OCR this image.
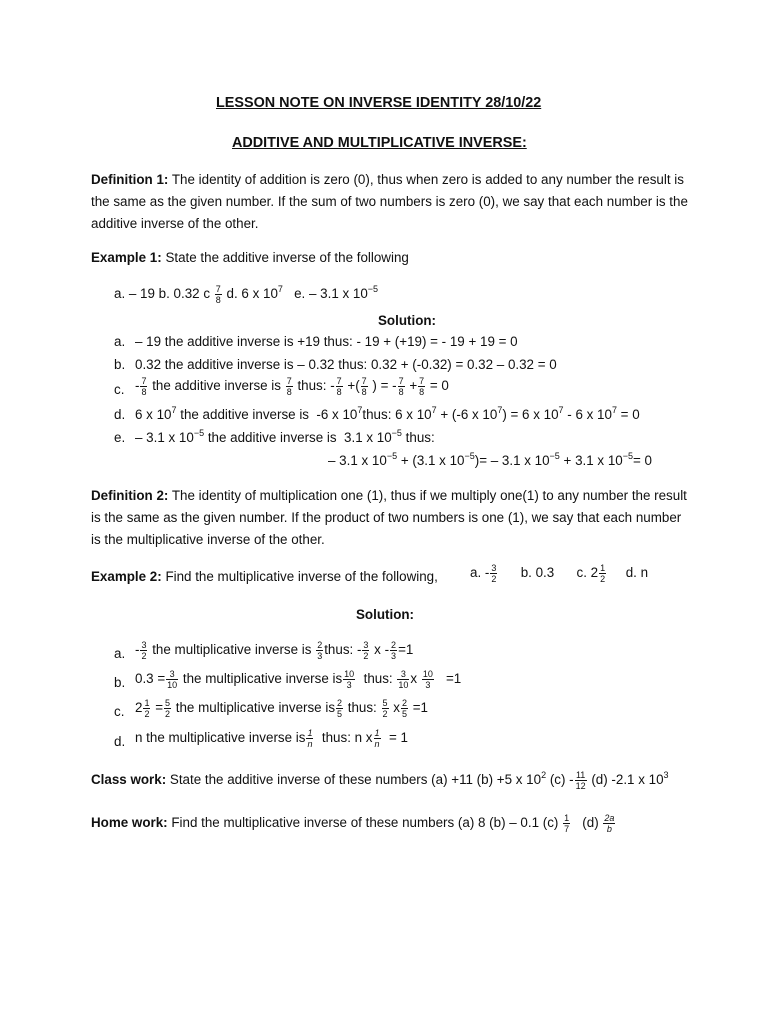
LESSON NOTE ON INVERSE IDENTITY 28/10/22
ADDITIVE AND MULTIPLICATIVE INVERSE:
Definition 1: The identity of addition is zero (0), thus when zero is added to any number the result is the same as the given number. If the sum of two numbers is zero (0), we say that each number is the additive inverse of the other.
Example 1: State the additive inverse of the following
a. – 19 b. 0.32 c $\frac{7}{8} d$. 6 x $10^7$ e. – 3.1 x $10^{-5}$
Solution:
a. – 19 the additive inverse is +19 thus: - 19 + (+19) = - 19 + 19 = 0
b. 0.32 the additive inverse is – 0.32 thus: 0.32 + (-0.32) = 0.32 – 0.32 = 0
c. - $\frac{7}{8}$ the additive inverse is $\frac{7}{8}$ thus: - $\frac{7}{8}$ +( $\frac{7}{8}$ ) = - $\frac{7}{8} + \frac{7}{8} = 0$
d. 6 x $10^7$ the additive inverse is  -6 x $10^7thus$: 6 x $10^7 + (-6$ x $10^7) = 6$ x $10^7 - 6$ x $10^7 = 0$
e. – 3.1 x $10^{-5}$ the additive inverse is  3.1 x $10^{-5}$ thus:
– 3.1 x $10^{-5} + (3.1$ x $10^{-5})= - 3.1$ x $10^{-5} + 3.1$ x $10^{-5}= 0$
Definition 2: The identity of multiplication one (1), thus if we multiply one(1) to any number the result is the same as the given number. If the product of two numbers is one (1), we say that each number is the multiplicative inverse of the other.
Example 2: Find the multiplicative inverse of the following, a. - $\frac{3}{2} b$. 0.3      c. $2 \frac{1}{2} d$. n
Solution:
a. - $\frac{3}{2}$ the multiplicative inverse is $\frac{2}{3}$ thus: - $\frac{3}{2}$ $x - \frac{2}{3} =1$
b. $0.3 = \frac{3}{10}$ the multiplicative inverse is $\frac{10}{3}$ thus: $\frac{3}{10}$ x $\frac{10}{3} =1$
c. $2 \frac{1}{2} = \frac{5}{2}$ the multiplicative inverse is $\frac{2}{5}$ thus: $\frac{5}{2}$ x $\frac{2}{5} =1$
d. n the multiplicative inverse is $\frac{1}{n}$ thus: n x $\frac{1}{n} = 1$
Class work: State the additive inverse of these numbers (a) +11 (b) +5 x $10^2$ $(c) - \frac{11}{12} (d)$ -2.1 x $10^3$
Home work: Find the multiplicative inverse of these numbers (a) 8 (b) – 0.1 $(c) \frac{1}{7} (d) \frac{2a}{b}$
